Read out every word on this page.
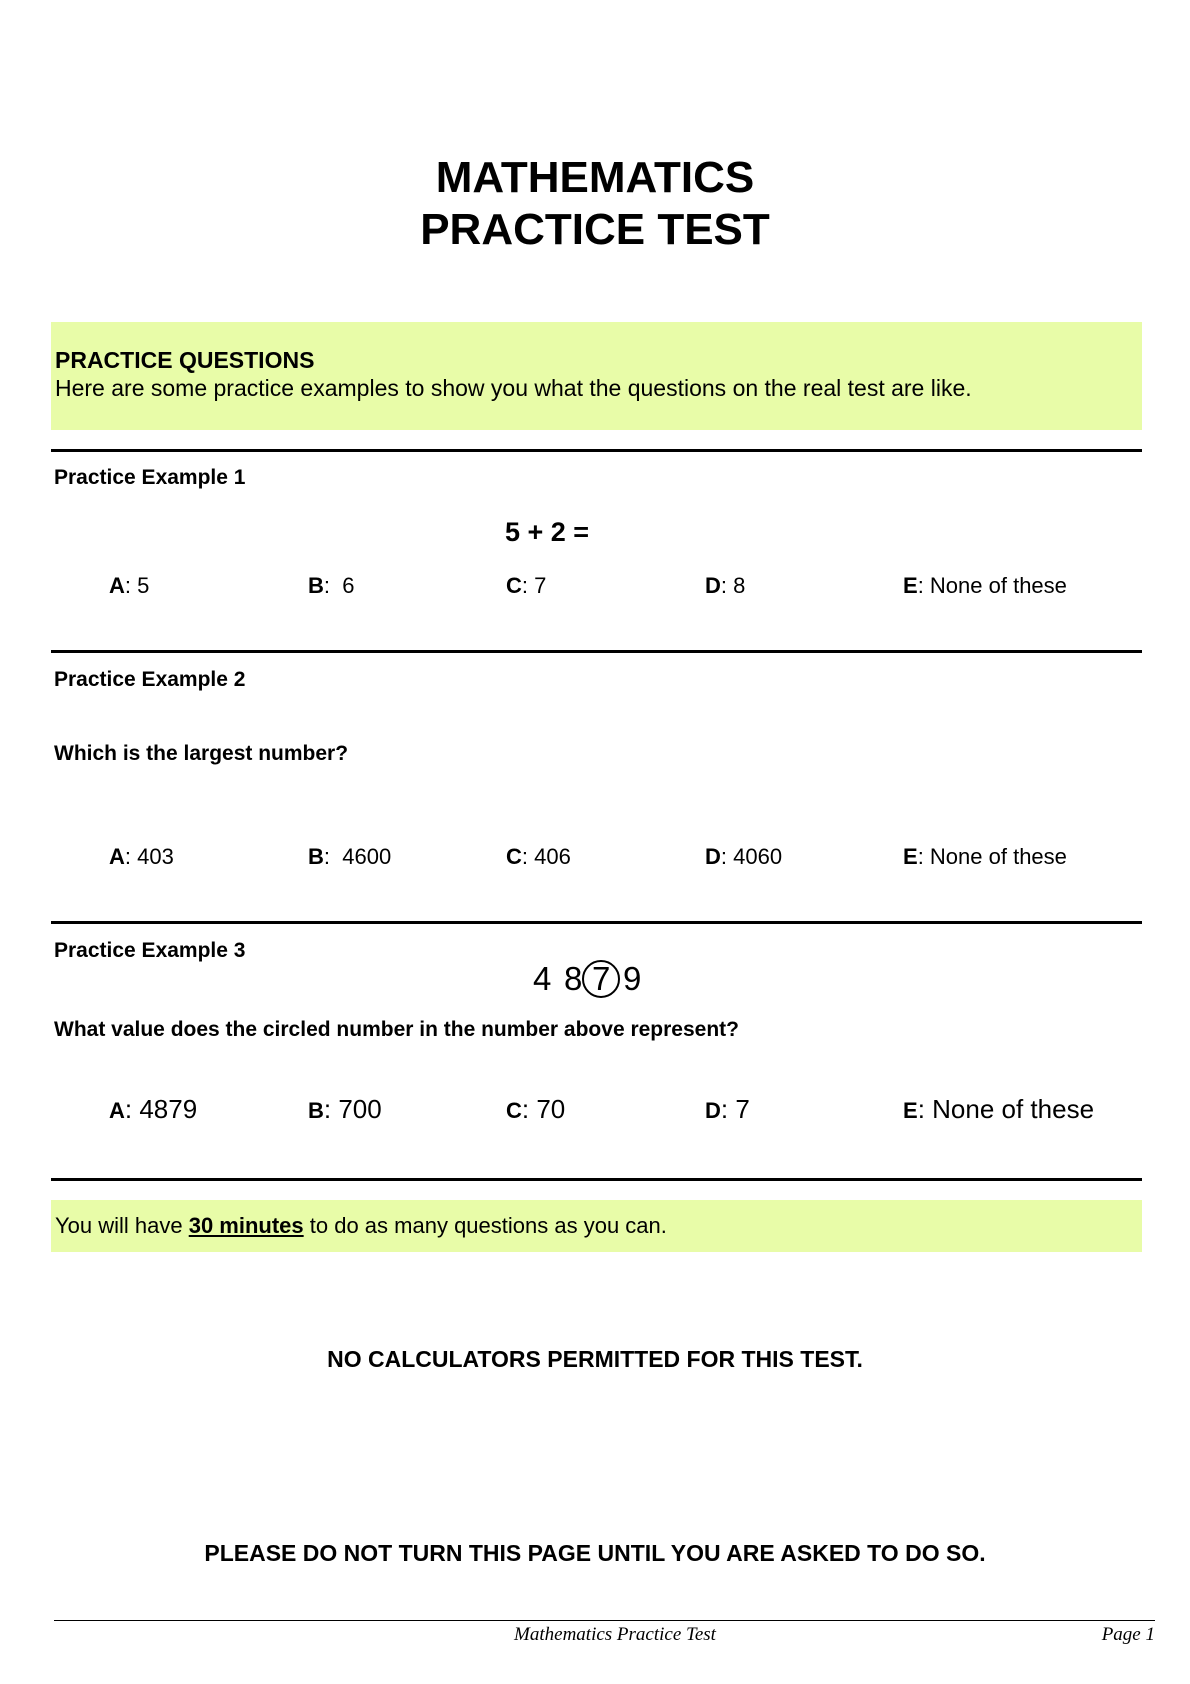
MATHEMATICS
PRACTICE TEST
PRACTICE QUESTIONS
Here are some practice examples to show you what the questions on the real test are like.
Practice Example 1
5 + 2 =
A: 5	B:  6	C: 7	D: 8	E: None of these
Practice Example 2
Which is the largest number?
A: 403	B:  4600	C: 406	D: 4060	E: None of these
Practice Example 3
4 8 7 9
What value does the circled number in the number above represent?
A: 4879	B: 700	C: 70	D: 7	E: None of these
You will have 30 minutes to do as many questions as you can.
NO CALCULATORS PERMITTED FOR THIS TEST.
PLEASE DO NOT TURN THIS PAGE UNTIL YOU ARE ASKED TO DO SO.
Mathematics Practice Test	Page 1
